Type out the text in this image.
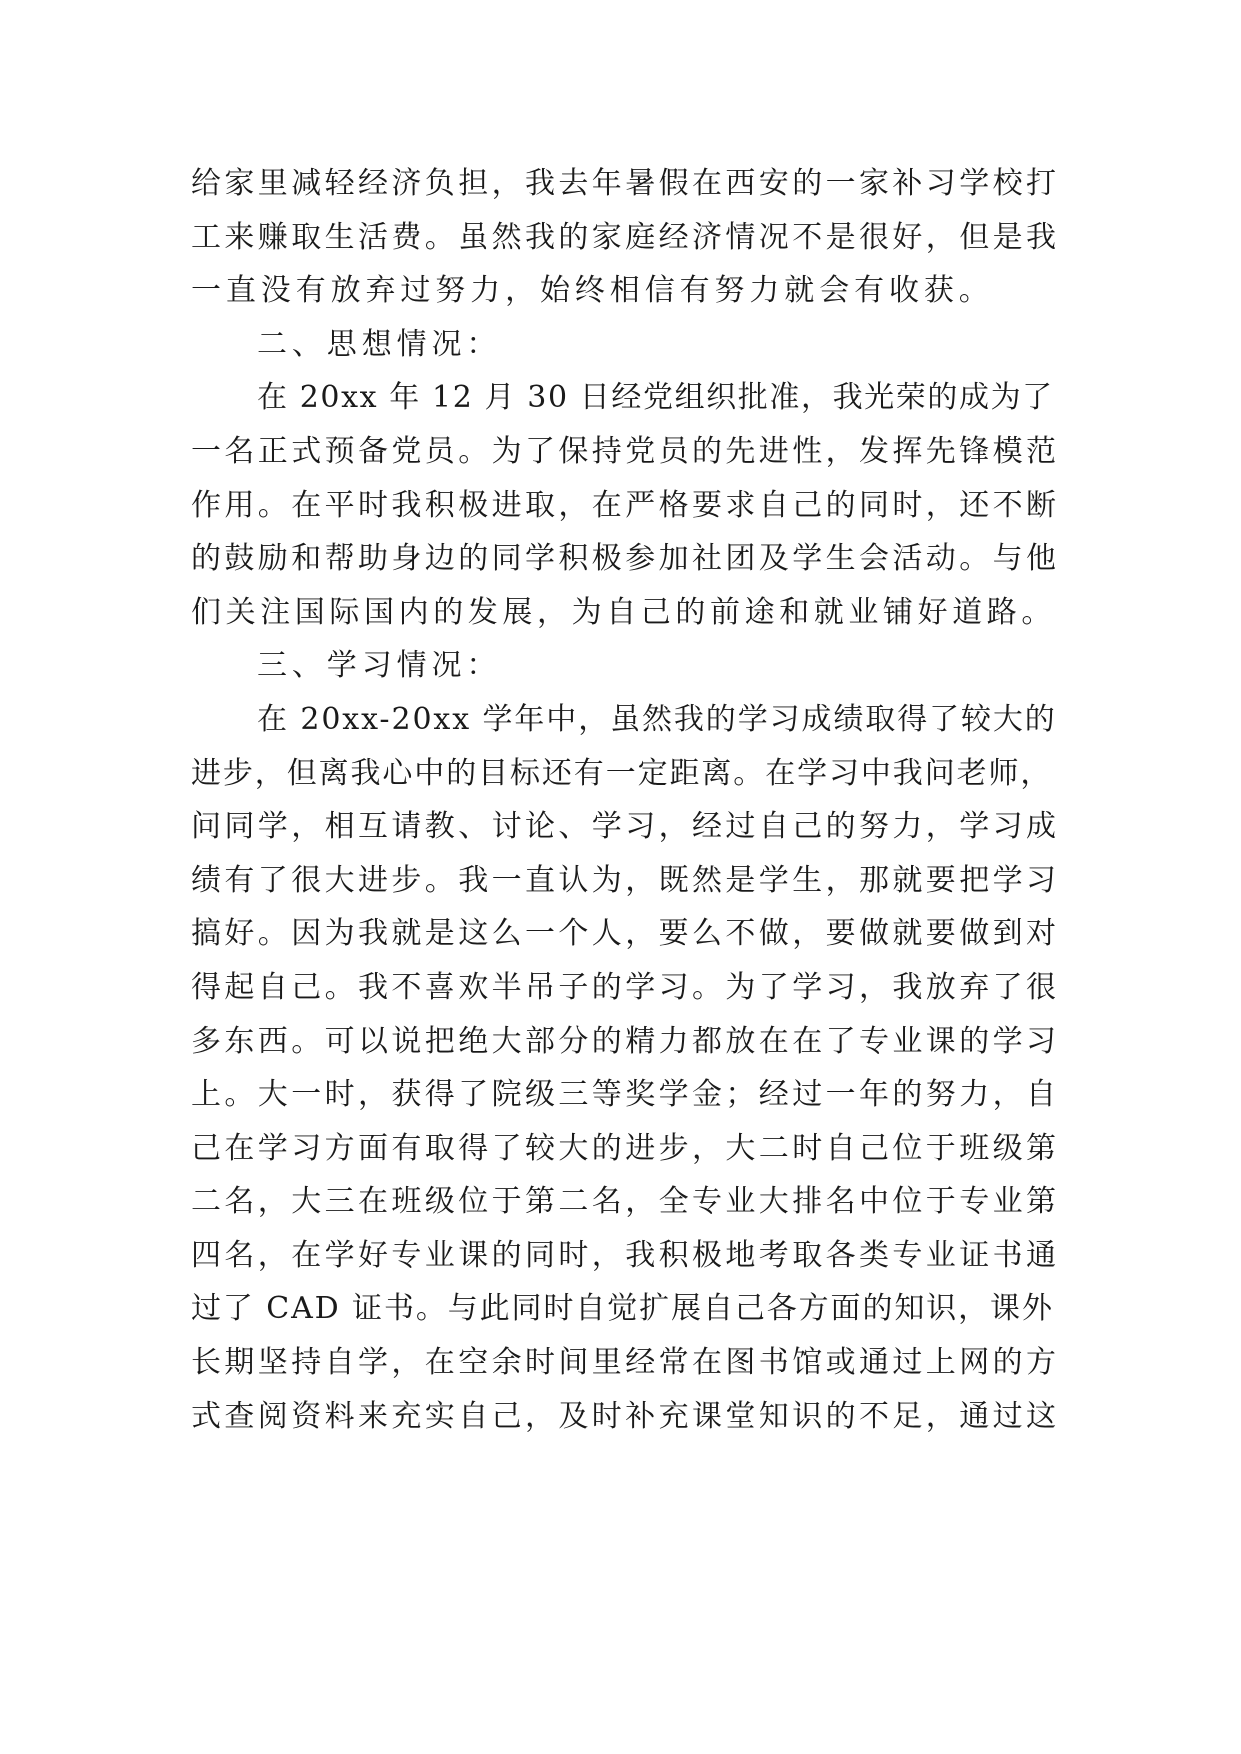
给家里减轻经济负担，我去年暑假在西安的一家补习学校打
工来赚取生活费。虽然我的家庭经济情况不是很好，但是我
一直没有放弃过努力，始终相信有努力就会有收获。
二、思想情况：
在 20xx 年 12 月 30 日经党组织批准，我光荣的成为了
一名正式预备党员。为了保持党员的先进性，发挥先锋模范
作用。在平时我积极进取，在严格要求自己的同时，还不断
的鼓励和帮助身边的同学积极参加社团及学生会活动。与他
们关注国际国内的发展，为自己的前途和就业铺好道路。
三、学习情况：
在 20xx-20xx 学年中，虽然我的学习成绩取得了较大的
进步，但离我心中的目标还有一定距离。在学习中我问老师，
问同学，相互请教、讨论、学习，经过自己的努力，学习成
绩有了很大进步。我一直认为，既然是学生，那就要把学习
搞好。因为我就是这么一个人，要么不做，要做就要做到对
得起自己。我不喜欢半吊子的学习。为了学习，我放弃了很
多东西。可以说把绝大部分的精力都放在在了专业课的学习
上。大一时，获得了院级三等奖学金；经过一年的努力，自
己在学习方面有取得了较大的进步，大二时自己位于班级第
二名，大三在班级位于第二名，全专业大排名中位于专业第
四名，在学好专业课的同时，我积极地考取各类专业证书通
过了 CAD 证书。与此同时自觉扩展自己各方面的知识，课外
长期坚持自学，在空余时间里经常在图书馆或通过上网的方
式查阅资料来充实自己，及时补充课堂知识的不足，通过这
